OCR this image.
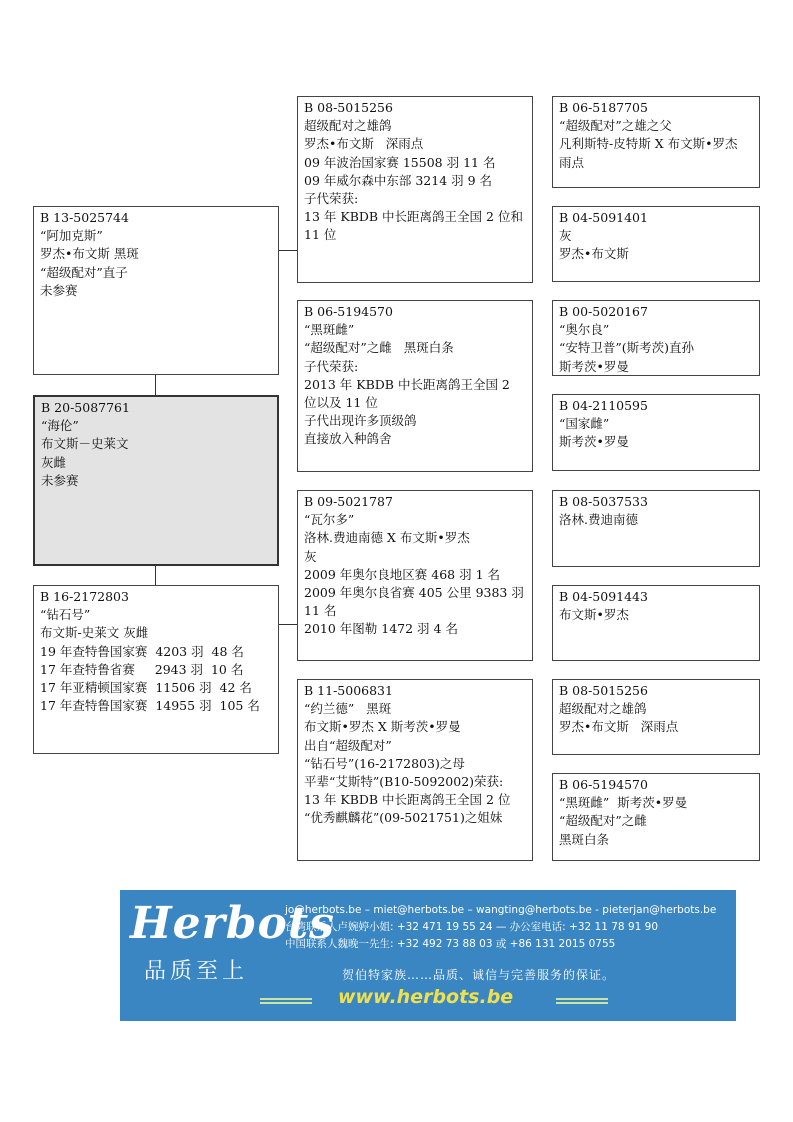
B 13-5025744
“阿加克斯”
罗杰•布文斯 黑斑
“超级配对”直子
未参赛
B 20-5087761
“海伦”
布文斯－史莱文
灰雌
未参赛
B 16-2172803
“钻石号”
布文斯-史莱文 灰雌
19 年查特鲁国家赛  4203 羽  48 名
17 年查特鲁省赛     2943 羽  10 名
17 年亚精顿国家赛  11506 羽  42 名
17 年查特鲁国家赛  14955 羽  105 名
B 08-5015256
超级配对之雄鸽
罗杰•布文斯   深雨点
09 年波治国家赛 15508 羽 11 名
09 年威尔森中东部 3214 羽 9 名
子代荣获:
13 年 KBDB 中长距离鸽王全国 2 位和 11 位
B 06-5194570
“黑斑雌”
“超级配对”之雌   黑斑白条
子代荣获:
2013 年 KBDB 中长距离鸽王全国 2 位以及 11 位
子代出现许多顶级鸽
直接放入种鸽舍
B 09-5021787
“瓦尔多”
洛林.费迪南德 X 布文斯•罗杰
灰
2009 年奥尔良地区赛 468 羽 1 名
2009 年奥尔良省赛 405 公里 9383 羽 11 名
2010 年图勒 1472 羽 4 名
B 11-5006831
“约兰德”   黑斑
布文斯•罗杰 X 斯考茨•罗曼
出自“超级配对”
“钻石号”(16-2172803)之母
平辈“艾斯特”(B10-5092002)荣获:
13 年 KBDB 中长距离鸽王全国 2 位
“优秀麒麟花”(09-5021751)之姐妹
B 06-5187705
“超级配对”之雄之父
凡利斯特-皮特斯 X 布文斯•罗杰
雨点
B 04-5091401
灰
罗杰•布文斯
B 00-5020167
“奥尔良”
“安特卫普”(斯考茨)直孙
斯考茨•罗曼
B 04-2110595
“国家雌”
斯考茨•罗曼
B 08-5037533
洛林.费迪南德
B 04-5091443
布文斯•罗杰
B 08-5015256
超级配对之雄鸽
罗杰•布文斯   深雨点
B 06-5194570
“黑斑雌”  斯考茨•罗曼
“超级配对”之雌
黑斑白条
Herbots
品质至上
jo@herbots.be – miet@herbots.be – wangting@herbots.be - pieterjan@herbots.be
台湾联系人卢婉婷小姐: +32 471 19 55 24 — 办公室电话: +32 11 78 91 90
中国联系人魏晚一先生: +32 492 73 88 03 或 +86 131 2015 0755
贺伯特家族……品质、诚信与完善服务的保证。
www.herbots.be
